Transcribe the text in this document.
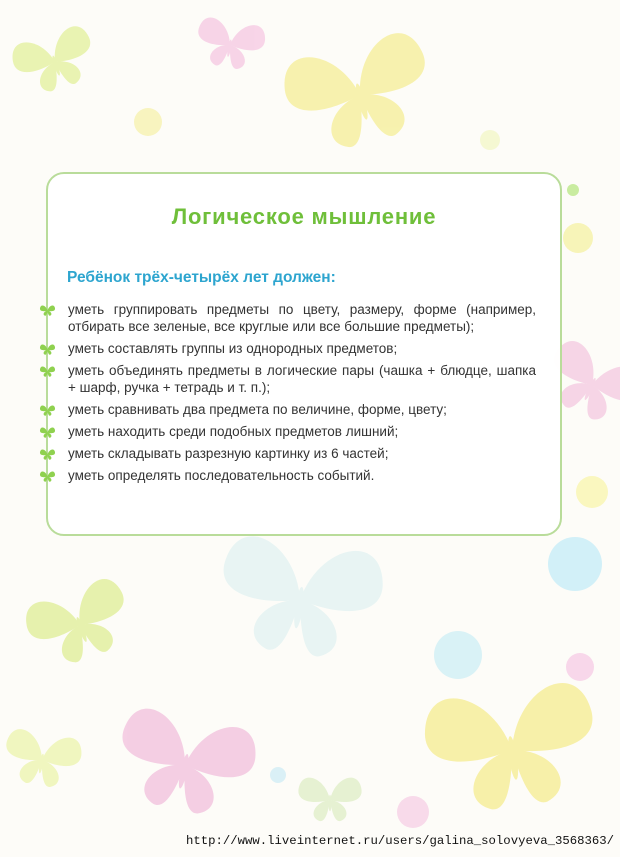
Логическое мышление
Ребёнок трёх-четырёх лет должен:
уметь группировать предметы по цвету, размеру, форме (например, отбирать все зеленые, все круглые или все большие предметы);
уметь составлять группы из однородных предметов;
уметь объединять предметы в логические пары (чашка + блюдце, шапка + шарф, ручка + тетрадь и т. п.);
уметь сравнивать два предмета по величине, форме, цвету;
уметь находить среди подобных предметов лишний;
уметь складывать разрезную картинку из 6 частей;
уметь определять последовательность событий.
http://www.liveinternet.ru/users/galina_solovyeva_3568363/
